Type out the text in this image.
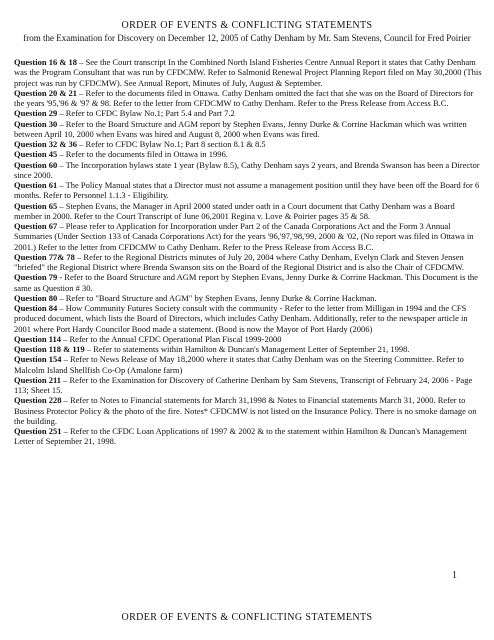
ORDER OF EVENTS & CONFLICTING STATEMENTS
from the Examination for Discovery on December 12, 2005 of Cathy Denham by Mr. Sam Stevens, Council for Fred Poirier

Question 16 & 18 – See the Court transcript In the Combined North Island Fisheries Centre Annual Report it states that Cathy Denham was the Program Consultant that was run by CFDCMW. Refer to Salmonid Renewal Project Planning Report filed on May 30,2000 (This project was run by CFDCMW). See Annual Report, Minutes of July, August & September.

Question 20 & 21 – Refer to the documents filed in Ottawa. Cathy Denham omitted the fact that she was on the Board of Directors for the years '95,'96 & '97 & 98. Refer to the letter from CFDCMW to Cathy Denham. Refer to the Press Release from Access B.C.

Question 29 – Refer to CFDC Bylaw No.1; Part 5.4 and Part 7.2

Question 30 – Refer to the Board Structure and AGM report by Stephen Evans, Jenny Durke & Corrine Hackman which was written between April 10, 2000 when Evans was hired and August 8, 2000 when Evans was fired.

Question 32 & 36 – Refer to CFDC Bylaw No.1; Part 8 section 8.1 & 8.5

Question 45 – Refer to the documents filed in Ottawa in 1996.

Question 60 – The Incorporation bylaws state 1 year (Bylaw 8.5), Cathy Denham says 2 years, and Brenda Swanson has been a Director since 2000.

Question 61 – The Policy Manual states that a Director must not assume a management position until they have been off the Board for 6 months. Refer to Personnel 1.1.3 - Eligibility.

Question 65 – Stephen Evans, the Manager in April 2000 stated under oath in a Court document that Cathy Denham was a Board member in 2000. Refer to the Court Transcript of June 06,2001 Regina v. Love & Poirier pages 35 & 58.

Question 67 – Please refer to Application for Incorporation under Part 2 of the Canada Corporations Act and the Form 3 Annual Summaries (Under Section 133 of Canada Corporations Act) for the years '96,'97,'98,'99, 2000 & '02, (No report was filed in Ottawa in 2001.) Refer to the letter from CFDCMW to Cathy Denham. Refer to the Press Release from Access B.C.

Question 77& 78 – Refer to the Regional Districts minutes of July 20, 2004 where Cathy Denham, Evelyn Clark and Steven Jensen "briefed" the Regional District where Brenda Swanson sits on the Board of the Regional District and is also the Chair of CFDCMW.

Question 79 - Refer to the Board Structure and AGM report by Stephen Evans, Jenny Durke & Corrine Hackman. This Document is the same as Question # 30.

Question 80 – Refer to "Board Structure and AGM" by Stephen Evans, Jenny Durke & Corrine Hackman.

Question 84 – How Community Futures Society consult with the community - Refer to the letter from Milligan in 1994 and the CFS produced document, which lists the Board of Directors, which includes Cathy Denham. Additionally, refer to the newspaper article in 2001 where Port Hardy Councilor Bood made a statement. (Bood is now the Mayor of Port Hardy (2006)

Question 114 – Refer to the Annual CFDC Operational Plan Fiscal 1999-2000

Question 118 & 119 – Refer to statements within Hamilton & Duncan's Management Letter of September 21, 1998.

Question 154 – Refer to News Release of May 18,2000 where it states that Cathy Denham was on the Steering Committee. Refer to Malcolm Island Shellfish Co-Op (Amalone farm)

Question 211 – Refer to the Examination for Discovery of Catherine Denham by Sam Stevens, Transcript of February 24, 2006 - Page 113; Sheet 15.

Question 228 – Refer to Notes to Financial statements for March 31,1998 & Notes to Financial statements March 31, 2000. Refer to Business Protector Policy & the photo of the fire. Notes* CFDCMW is not listed on the Insurance Policy. There is no smoke damage on the building.

Question 251 – Refer to the CFDC Loan Applications of 1997 & 2002 & to the statement within Hamilton & Duncan's Management Letter of September 21, 1998.

1
ORDER OF EVENTS & CONFLICTING STATEMENTS
